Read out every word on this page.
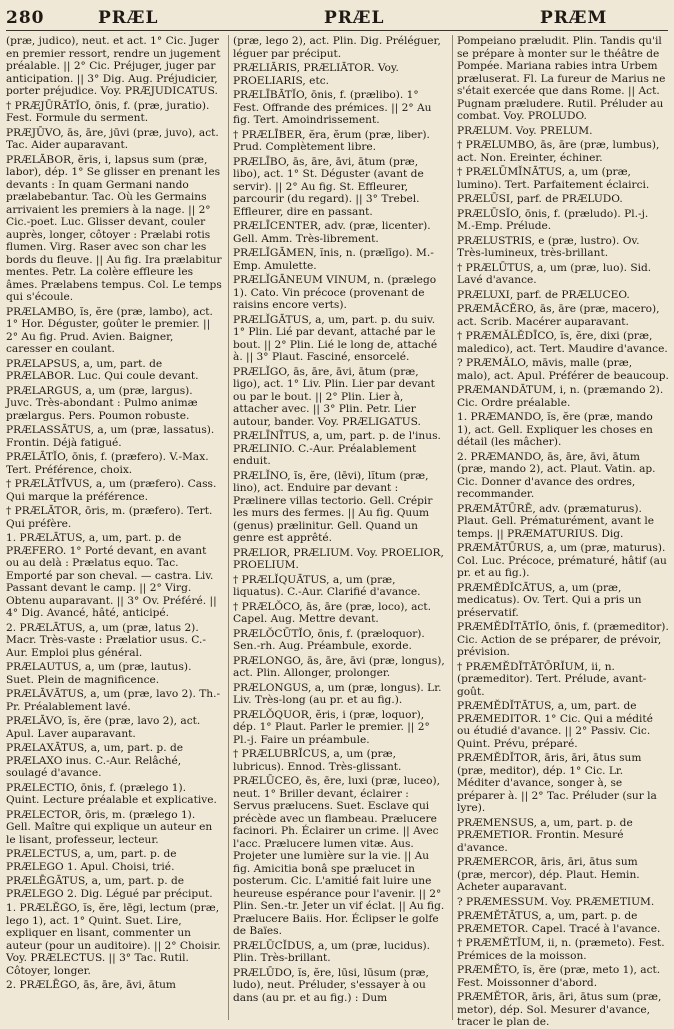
280	PRÆL	PRÆL	PRÆM

(præ, judico), neut. et act. 1° Cic. Juger en premier ressort, rendre un jugement préalable. || 2° Cic. Préjuger, juger par anticipation. || 3° Dig. Aug. Préjudicier, porter préjudice. Voy. PRÆJUDICATUS.

† PRÆJŪRĀTĬO, ōnis, f. (præ, juratio). Fest. Formule du serment.

PRÆJŪVO, ās, āre, jūvi (præ, juvo), act. Tac. Aider auparavant.

PRÆLĀBOR, ĕris, i, lapsus sum (præ, labor), dép. 1° Se glisser en prenant les devants : In quam Germani nando prælabebantur. Tac. Où les Germains arrivaient les premiers à la nage. || 2° Cic.-poet. Luc. Glisser devant, couler auprès, longer, côtoyer : Prælabi rotis flumen. Virg. Raser avec son char les bords du fleuve. || Au fig. Ira prælabitur mentes. Petr. La colère effleure les âmes. Prælabens tempus. Col. Le temps qui s'écoule.

PRÆLAMBO, ĭs, ĕre (præ, lambo), act. 1° Hor. Déguster, goûter le premier. || 2° Au fig. Prud. Avien. Baigner, caresser en coulant.

PRÆLAPSUS, a, um, part. de PRÆLABOR. Luc. Qui coule devant.

PRÆLARGUS, a, um (præ, largus). Juvc. Très-abondant : Pulmo animæ prælargus. Pers. Poumon robuste.

PRÆLASSĀTUS, a, um (præ, lassatus). Frontin. Déjà fatigué.

PRÆLĀTĬO, ōnis, f. (præfero). V.-Max. Tert. Préférence, choix.

† PRÆLĀTĪVUS, a, um (præfero). Cass. Qui marque la préférence.

† PRÆLĀTOR, ōris, m. (præfero). Tert. Qui préfère.

1. PRÆLĀTUS, a, um, part. p. de PRÆFERO. 1° Porté devant, en avant ou au delà : Prælatus equo. Tac. Emporté par son cheval. — castra. Liv. Passant devant le camp. || 2° Virg. Obtenu auparavant. || 3° Ov. Préféré. || 4° Dig. Avancé, hâté, anticipé.

2. PRÆLĀTUS, a, um (præ, latus 2). Macr. Très-vaste : Prælatior usus. C.-Aur. Emploi plus général.

PRÆLAUTUS, a, um (præ, lautus). Suet. Plein de magnificence.

PRÆLĀVĀTUS, a, um (præ, lavo 2). Th.-Pr. Préalablement lavé.

PRÆLĀVO, ĭs, ĕre (præ, lavo 2), act. Apul. Laver auparavant.

PRÆLAXĀTUS, a, um, part. p. de PRÆLAXO inus. C.-Aur. Relâché, soulagé d'avance.

PRÆLECTIO, ōnis, f. (prælego 1). Quint. Lecture préalable et explicative.

PRÆLECTOR, ōris, m. (prælego 1). Gell. Maître qui explique un auteur en le lisant, professeur, lecteur.

PRÆLECTUS, a, um, part. p. de PRÆLEGO 1. Apul. Choisi, trié.

PRÆLĒGĀTUS, a, um, part. p. de PRÆLEGO 2. Dig. Légué par préciput.

1. PRÆLĔGO, ĭs, ĕre, lēgi, lectum (præ, lego 1), act. 1° Quint. Suet. Lire, expliquer en lisant, commenter un auteur (pour un auditoire). || 2° Choisir. Voy. PRÆLECTUS. || 3° Tac. Rutil. Côtoyer, longer.

2. PRÆLĒGO, ās, āre, āvi, ātum

(præ, lego 2), act. Plin. Dig. Préléguer, léguer par préciput.

PRÆLIĀRIS, PRÆLIĀTOR. Voy. PROELIARIS, etc.

PRÆLĪBĀTĬO, ōnis, f. (prælibo). 1° Fest. Offrande des prémices. || 2° Au fig. Tert. Amoindrissement.

† PRÆLĪBER, ĕra, ĕrum (præ, liber). Prud. Complètement libre.

PRÆLĪBO, ās, āre, āvi, ātum (præ, libo), act. 1° St. Déguster (avant de servir). || 2° Au fig. St. Effleurer, parcourir (du regard). || 3° Trebel. Effleurer, dire en passant.

PRÆLĪCENTER, adv. (præ, licenter). Gell. Amm. Très-librement.

PRÆLĬGĀMEN, ĭnis, n. (prælīgo). M.-Emp. Amulette.

PRÆLĬGĀNEUM VINUM, n. (prælego 1). Cato. Vin précoce (provenant de raisins encore verts).

PRÆLĬGĀTUS, a, um, part. p. du suiv. 1° Plin. Lié par devant, attaché par le bout. || 2° Plin. Lié le long de, attaché à. || 3° Plaut. Fasciné, ensorcelé.

PRÆLĬGO, ās, āre, āvi, ātum (præ, ligo), act. 1° Liv. Plin. Lier par devant ou par le bout. || 2° Plin. Lier à, attacher avec. || 3° Plin. Petr. Lier autour, bander. Voy. PRÆLIGATUS.

PRÆLĪNĪTUS, a, um, part. p. de l'inus. PRÆLINIO. C.-Aur. Préalablement enduit.

PRÆLĬNO, ĭs, ĕre, (lēvi), lĭtum (præ, lino), act. Enduire par devant : Prælinere villas tectorio. Gell. Crépir les murs des fermes. || Au fig. Quum (genus) prælinitur. Gell. Quand un genre est apprêté.

PRÆLIOR, PRÆLIUM. Voy. PROELIOR, PROELIUM.

† PRÆLĬQUĀTUS, a, um (præ, liquatus). C.-Aur. Clarifié d'avance.

† PRÆLŎCO, ās, āre (præ, loco), act. Capel. Aug. Mettre devant.

PRÆLŎCŪTĬO, ōnis, f. (præloquor). Sen.-rh. Aug. Préambule, exorde.

PRÆLONGO, ās, āre, āvi (præ, longus), act. Plin. Allonger, prolonger.

PRÆLONGUS, a, um (præ, longus). Lr. Liv. Très-long (au pr. et au fig.).

PRÆLŎQUOR, ĕris, i (præ, loquor), dép. 1° Plaut. Parler le premier. || 2° Pl.-j. Faire un préambule.

† PRÆLUBRĬCUS, a, um (præ, lubricus). Ennod. Très-glissant.

PRÆLŪCEO, ēs, ēre, luxi (præ, luceo), neut. 1° Briller devant, éclairer : Servus prælucens. Suet. Esclave qui précède avec un flambeau. Prælucere facinori. Ph. Éclairer un crime. || Avec l'acc. Prælucere lumen vitæ. Aus. Projeter une lumière sur la vie. || Au fig. Amicitia bonâ spe prælucet in posterum. Cic. L'amitié fait luire une heureuse espérance pour l'avenir. || 2° Plin. Sen.-tr. Jeter un vif éclat. || Au fig. Prælucere Baiis. Hor. Éclipser le golfe de Baïes.

PRÆLŪCĬDUS, a, um (præ, lucidus). Plin. Très-brillant.

PRÆLŪDO, ĭs, ĕre, lūsi, lūsum (præ, ludo), neut. Préluder, s'essayer à ou dans (au pr. et au fig.) : Dum

Pompeiano præludit. Plin. Tandis qu'il se prépare à monter sur le théâtre de Pompée. Mariana rabies intra Urbem præluserat. Fl. La fureur de Marius ne s'était exercée que dans Rome. || Act. Pugnam præludere. Rutil. Préluder au combat. Voy. PROLUDO.

PRÆLUM. Voy. PRELUM.

† PRÆLUMBO, ās, āre (præ, lumbus), act. Non. Ereinter, échiner.

† PRÆLŪMĬNĀTUS, a, um (præ, lumino). Tert. Parfaitement éclairci.

PRÆLŪSI, parf. de PRÆLUDO.

PRÆLŪSĬO, ōnis, f. (præludo). Pl.-j. M.-Emp. Prélude.

PRÆLUSTRIS, e (præ, lustro). Ov. Très-lumineux, très-brillant.

† PRÆLŪTUS, a, um (præ, luo). Sid. Lavé d'avance.

PRÆLUXI, parf. de PRÆLUCEO.

PRÆMĀCĔRO, ās, āre (præ, macero), act. Scrib. Macérer auparavant.

† PRÆMĂLĔDĪCO, ĭs, ĕre, dixi (præ, maledico), act. Tert. Maudire d'avance.

? PRÆMĂLO, māvis, malle (præ, malo), act. Apul. Préférer de beaucoup.

PRÆMANDĀTUM, i, n. (præmando 2). Cic. Ordre préalable.

1. PRÆMANDO, ĭs, ĕre (præ, mando 1), act. Gell. Expliquer les choses en détail (les mâcher).

2. PRÆMANDO, ās, āre, āvi, ātum (præ, mando 2), act. Plaut. Vatin. ap. Cic. Donner d'avance des ordres, recommander.

PRÆMĀTŪRĒ, adv. (præmaturus). Plaut. Gell. Prématurément, avant le temps. || PRÆMATURIUS. Dig.

PRÆMĀTŪRUS, a, um (præ, maturus). Col. Luc. Précoce, prématuré, hâtif (au pr. et au fig.).

PRÆMĔDĬCĀTUS, a, um (præ, medicatus). Ov. Tert. Qui a pris un préservatif.

PRÆMĔDĬTĀTĬO, ōnis, f. (præmeditor). Cic. Action de se préparer, de prévoir, prévision.

† PRÆMĔDĬTĀTŌRĬUM, ii, n. (præmeditor). Tert. Prélude, avant-goût.

PRÆMĔDĬTĀTUS, a, um, part. de PRÆMEDITOR. 1° Cic. Qui a médité ou étudié d'avance. || 2° Passiv. Cic. Quint. Prévu, préparé.

PRÆMĔDĬTOR, āris, āri, ātus sum (præ, meditor), dép. 1° Cic. Lr. Méditer d'avance, songer à, se préparer à. || 2° Tac. Préluder (sur la lyre).

PRÆMENSUS, a, um, part. p. de PRÆMETIOR. Frontin. Mesuré d'avance.

PRÆMERCOR, āris, āri, ātus sum (præ, mercor), dép. Plaut. Hemin. Acheter auparavant.

? PRÆMESSUM. Voy. PRÆMETIUM.

PRÆMĔTĀTUS, a, um, part. p. de PRÆMETOR. Capel. Tracé à l'avance.

† PRÆMĔTĬUM, ii, n. (præmeto). Fest. Prémices de la moisson.

PRÆMĔTO, ĭs, ĕre (præ, meto 1), act. Fest. Moissonner d'abord.

PRÆMĔTOR, āris, āri, ātus sum (præ, metor), dép. Sol. Mesurer d'avance, tracer le plan de.
